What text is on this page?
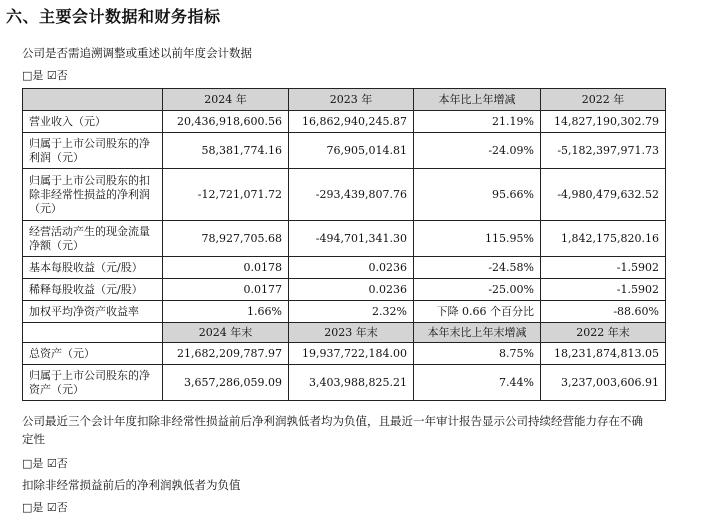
六、主要会计数据和财务指标
公司是否需追溯调整或重述以前年度会计数据
□是 ☑否
	2024 年	2023 年	本年比上年增减	2022 年
营业收入（元）	20,436,918,600.56	16,862,940,245.87	21.19%	14,827,190,302.79
归属于上市公司股东的净利润（元）	58,381,774.16	76,905,014.81	-24.09%	-5,182,397,971.73
归属于上市公司股东的扣除非经常性损益的净利润（元）	-12,721,071.72	-293,439,807.76	95.66%	-4,980,479,632.52
经营活动产生的现金流量净额（元）	78,927,705.68	-494,701,341.30	115.95%	1,842,175,820.16
基本每股收益（元/股）	0.0178	0.0236	-24.58%	-1.5902
稀释每股收益（元/股）	0.0177	0.0236	-25.00%	-1.5902
加权平均净资产收益率	1.66%	2.32%	下降 0.66 个百分比	-88.60%
	2024 年末	2023 年末	本年末比上年末增减	2022 年末
总资产（元）	21,682,209,787.97	19,937,722,184.00	8.75%	18,231,874,813.05
归属于上市公司股东的净资产（元）	3,657,286,059.09	3,403,988,825.21	7.44%	3,237,003,606.91
公司最近三个会计年度扣除非经常性损益前后净利润孰低者均为负值，且最近一年审计报告显示公司持续经营能力存在不确定性
□是 ☑否
扣除非经常损益前后的净利润孰低者为负值
□是 ☑否
